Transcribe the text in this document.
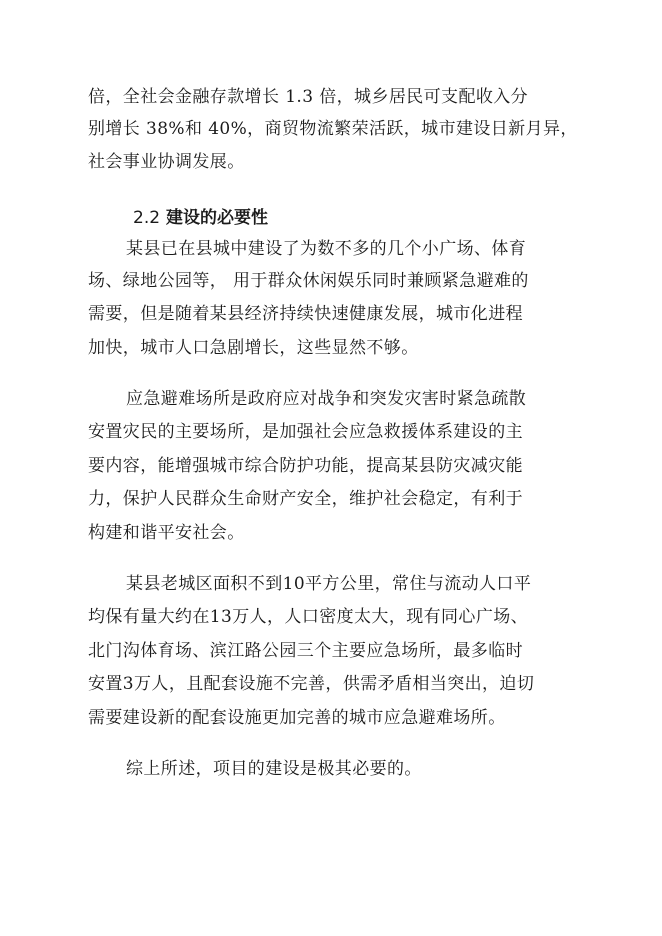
倍，全社会金融存款增长 1.3 倍，城乡居民可支配收入分
别增长 38%和 40%，商贸物流繁荣活跃，城市建设日新月异，
社会事业协调发展。
2.2 建设的必要性
某县已在县城中建设了为数不多的几个小广场、体育
场、绿地公园等， 用于群众休闲娱乐同时兼顾紧急避难的
需要，但是随着某县经济持续快速健康发展，城市化进程
加快，城市人口急剧增长，这些显然不够。
应急避难场所是政府应对战争和突发灾害时紧急疏散
安置灾民的主要场所，是加强社会应急救援体系建设的主
要内容，能增强城市综合防护功能，提高某县防灾减灾能
力，保护人民群众生命财产安全，维护社会稳定，有利于
构建和谐平安社会。
某县老城区面积不到10平方公里，常住与流动人口平
均保有量大约在13万人，人口密度太大，现有同心广场、
北门沟体育场、滨江路公园三个主要应急场所，最多临时
安置3万人，且配套设施不完善，供需矛盾相当突出，迫切
需要建设新的配套设施更加完善的城市应急避难场所。
综上所述，项目的建设是极其必要的。
